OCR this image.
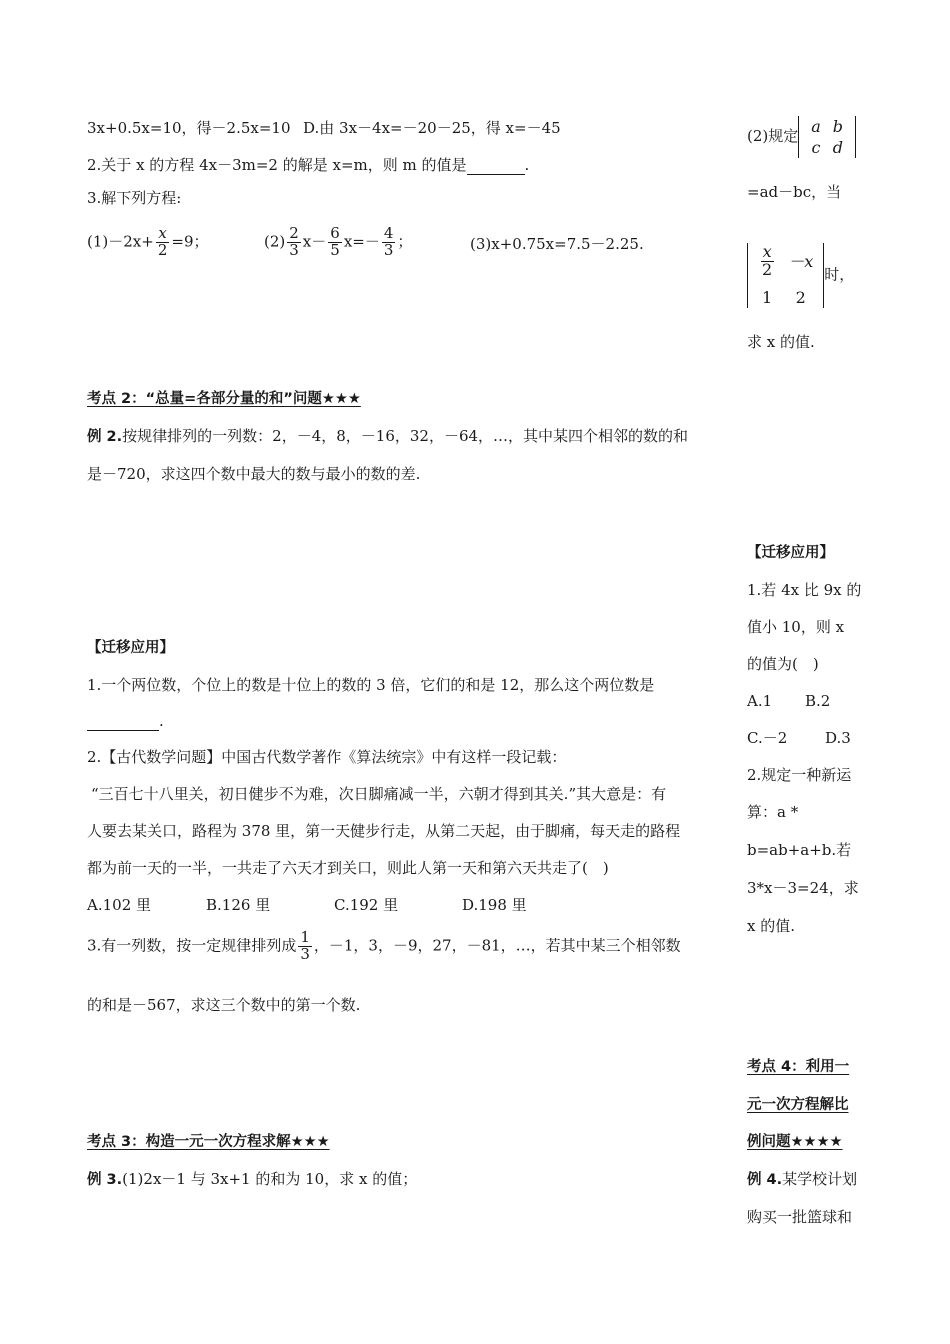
3x+0.5x=10，得－2.5x=10 D.由 3x－4x=－20－25，得 x=－45
2.关于 x 的方程 4x－3m=2 的解是 x=m，则 m 的值是	.
3.解下列方程:
$(1)-2x+ \frac{x}{2} =9$；	$(2) \frac{2}{3} x- \frac{6}{5} x=- \frac{4}{3}$ ；	(3)x+0.75x=7.5－2.25.
考点 2：“总量=各部分量的和”问题★★★
例 2.按规律排列的一列数：2，－4，8，－16，32，－64，…，其中某四个相邻的数的和
是－720，求这四个数中最大的数与最小的数的差.
【迁移应用】
1.一个两位数，个位上的数是十位上的数的 3 倍，它们的和是 12，那么这个两位数是
.
2.【古代数学问题】中国古代数学著作《算法统宗》中有这样一段记载：
“三百七十八里关，初日健步不为难，次日脚痛减一半，六朝才得到其关.”其大意是：有
人要去某关口，路程为 378 里，第一天健步行走，从第二天起，由于脚痛，每天走的路程
都为前一天的一半，一共走了六天才到关口，则此人第一天和第六天共走了(　)
A.102 里	B.126 里	C.192 里	D.198 里
3.有一列数，按一定规律排列成 $\frac{1}{3}$ ，－1，3，－9，27，－81，…，若其中某三个相邻数
的和是－567，求这三个数中的第一个数.
考点 3：构造一元一次方程求解★★★
例 3.(1)2x－1 与 3x+1 的和为 10，求 x 的值；
(2)规定
a	b
c	d
=ad－bc，当
$\frac{x}{2}$	－x
1	2
时，
求 x 的值.
【迁移应用】
1.若 4x 比 9x 的
值小 10，则 x
的值为(　)
A.1 B.2
C.－2	D.3
2.规定一种新运
算：a *
b=ab+a+b.若
3*x－3=24，求
x 的值.
考点 4：利用一
元一次方程解比
例问题★★★★
例 4.某学校计划
购买一批篮球和
